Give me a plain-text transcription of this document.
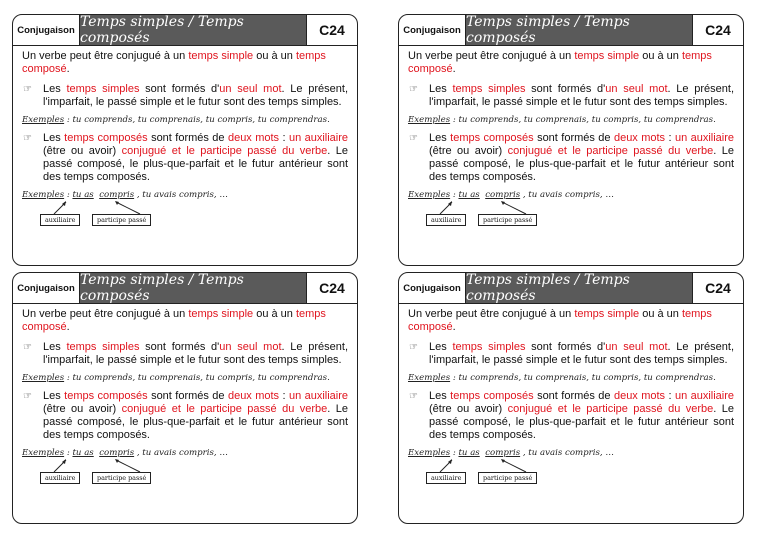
Conjugaison Temps simples / Temps composés	C24
Un verbe peut être conjugué à un temps simple ou à un temps composé.
☞	Les temps simples sont formés d'un seul mot. Le présent, l'imparfait, le passé simple et le futur sont des temps simples.
Exemples : tu comprends, tu comprenais, tu compris, tu comprendras.
☞	Les temps composés sont formés de deux mots : un auxiliaire (être ou avoir) conjugué et le participe passé du verbe. Le passé composé, le plus-que-parfait et le futur antérieur sont des temps composés.
Exemples : tu as compris , tu avais compris, …
auxiliaire	participe passé
Conjugaison Temps simples / Temps composés	C24
Un verbe peut être conjugué à un temps simple ou à un temps composé.
☞	Les temps simples sont formés d'un seul mot. Le présent, l'imparfait, le passé simple et le futur sont des temps simples.
Exemples : tu comprends, tu comprenais, tu compris, tu comprendras.
☞	Les temps composés sont formés de deux mots : un auxiliaire (être ou avoir) conjugué et le participe passé du verbe. Le passé composé, le plus-que-parfait et le futur antérieur sont des temps composés.
Exemples : tu as compris , tu avais compris, …
auxiliaire	participe passé
Conjugaison Temps simples / Temps composés	C24
Un verbe peut être conjugué à un temps simple ou à un temps composé.
☞	Les temps simples sont formés d'un seul mot. Le présent, l'imparfait, le passé simple et le futur sont des temps simples.
Exemples : tu comprends, tu comprenais, tu compris, tu comprendras.
☞	Les temps composés sont formés de deux mots : un auxiliaire (être ou avoir) conjugué et le participe passé du verbe. Le passé composé, le plus-que-parfait et le futur antérieur sont des temps composés.
Exemples : tu as compris , tu avais compris, …
auxiliaire	participe passé
Conjugaison Temps simples / Temps composés	C24
Un verbe peut être conjugué à un temps simple ou à un temps composé.
☞	Les temps simples sont formés d'un seul mot. Le présent, l'imparfait, le passé simple et le futur sont des temps simples.
Exemples : tu comprends, tu comprenais, tu compris, tu comprendras.
☞	Les temps composés sont formés de deux mots : un auxiliaire (être ou avoir) conjugué et le participe passé du verbe. Le passé composé, le plus-que-parfait et le futur antérieur sont des temps composés.
Exemples : tu as compris , tu avais compris, …
auxiliaire	participe passé
